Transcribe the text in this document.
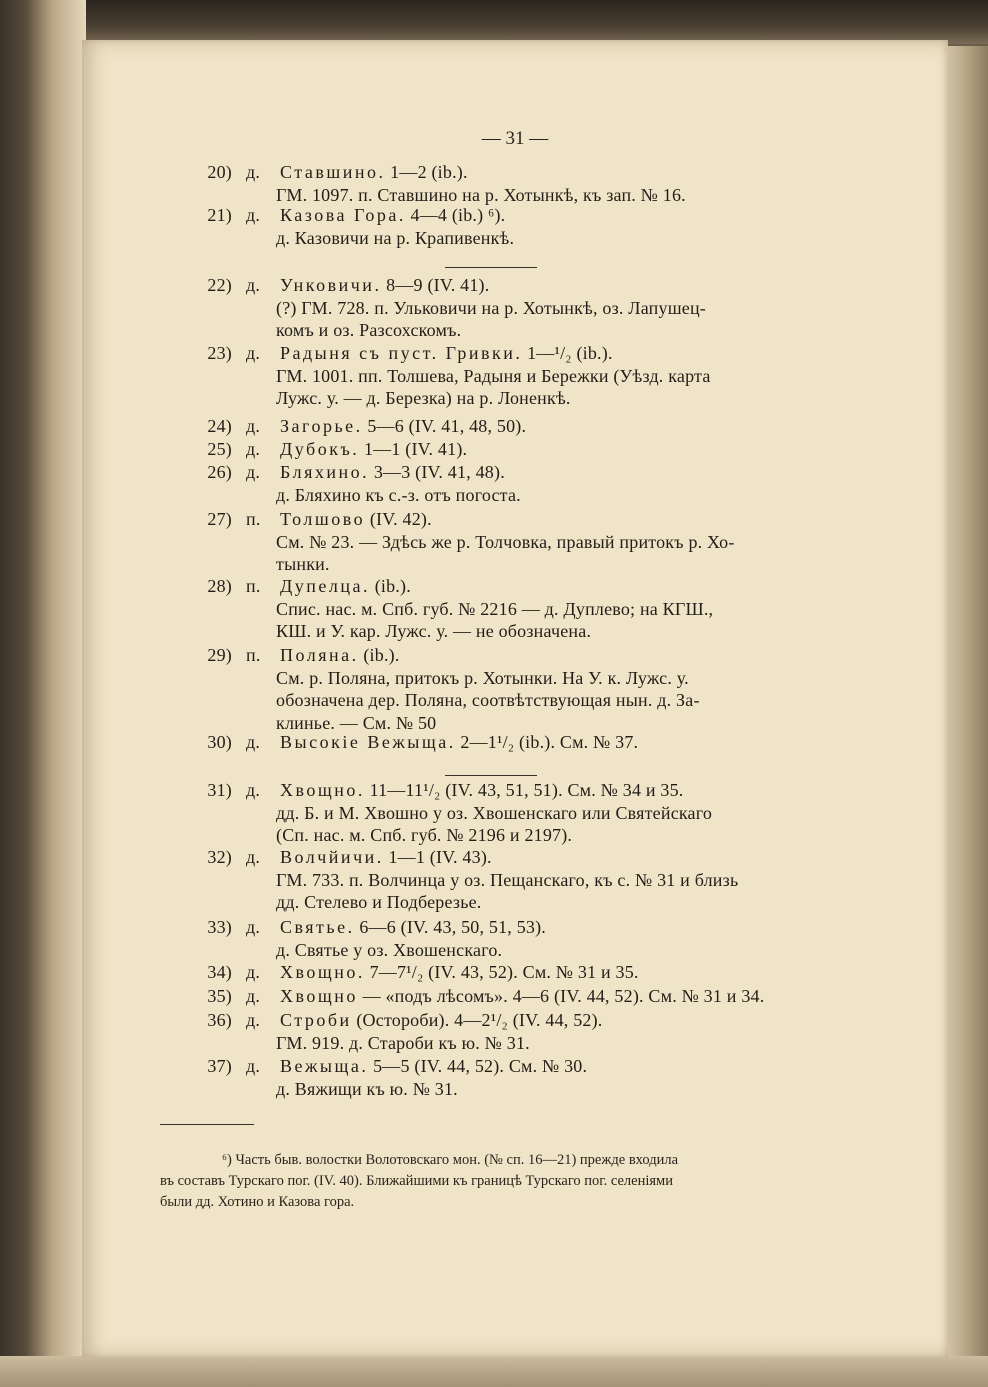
— 31 —
⁶) Часть быв. волостки Волотовскаго мон. (№ сп. 16—21) прежде входила
въ составъ Турскаго пог. (IV. 40). Ближайшими къ границѣ Турскаго пог. селеніями
были дд. Хотино и Казова гора.
20) д. Ставшино. 1—2 (ib.).
ГМ. 1097. п. Ставшино на р. Хотынкѣ, къ зап. № 16.
21) д. Казова Гора. 4—4 (ib.) ⁶).
д. Казовичи на р. Крапивенкѣ.
22) д. Унковичи. 8—9 (IV. 41).
(?) ГМ. 728. п. Ульковичи на р. Хотынкѣ, оз. Лапушец-
комъ и оз. Разсохскомъ.
23) д. Радыня съ пуст. Гривки. 1—¹/₂ (ib.).
ГМ. 1001. пп. Толшева, Радыня и Бережки (Уѣзд. карта
Лужс. у. — д. Березка) на р. Лоненкѣ.
24) д. Загорье. 5—6 (IV. 41, 48, 50).
25) д. Дубокъ. 1—1 (IV. 41).
26) д. Бляхино. 3—3 (IV. 41, 48).
д. Бляхино къ с.-з. отъ погоста.
27) п. Толшово (IV. 42).
См. № 23. — Здѣсь же р. Толчовка, правый притокъ р. Хо-
тынки.
28) п. Дупелца. (ib.).
Спис. нас. м. Спб. губ. № 2216 — д. Дуплево; на КГШ.,
КШ. и У. кар. Лужс. у. — не обозначена.
29) п. Поляна. (ib.).
См. р. Поляна, притокъ р. Хотынки. На У. к. Лужс. у.
обозначена дер. Поляна, соотвѣтствующая нын. д. За-
клинье. — См. № 50
30) д. Высокіе Вежыща. 2—1¹/₂ (ib.). См. № 37.
31) д. Хвощно. 11—11¹/₂ (IV. 43, 51, 51). См. № 34 и 35.
дд. Б. и М. Хвошно у оз. Хвошенскаго или Святейскаго
(Сп. нас. м. Спб. губ. № 2196 и 2197).
32) д. Волчйичи. 1—1 (IV. 43).
ГМ. 733. п. Волчинца у оз. Пещанскаго, къ с. № 31 и близь
дд. Стелево и Подберезье.
33) д. Святье. 6—6 (IV. 43, 50, 51, 53).
д. Святье у оз. Хвошенскаго.
34) д. Хвощно. 7—7¹/₂ (IV. 43, 52). См. № 31 и 35.
35) д. Хвощно — «подъ лѣсомъ». 4—6 (IV. 44, 52). См. № 31 и 34.
36) д. Строби (Остороби). 4—2¹/₂ (IV. 44, 52).
ГМ. 919. д. Староби къ ю. № 31.
37) д. Вежыща. 5—5 (IV. 44, 52). См. № 30.
д. Вяжищи къ ю. № 31.
